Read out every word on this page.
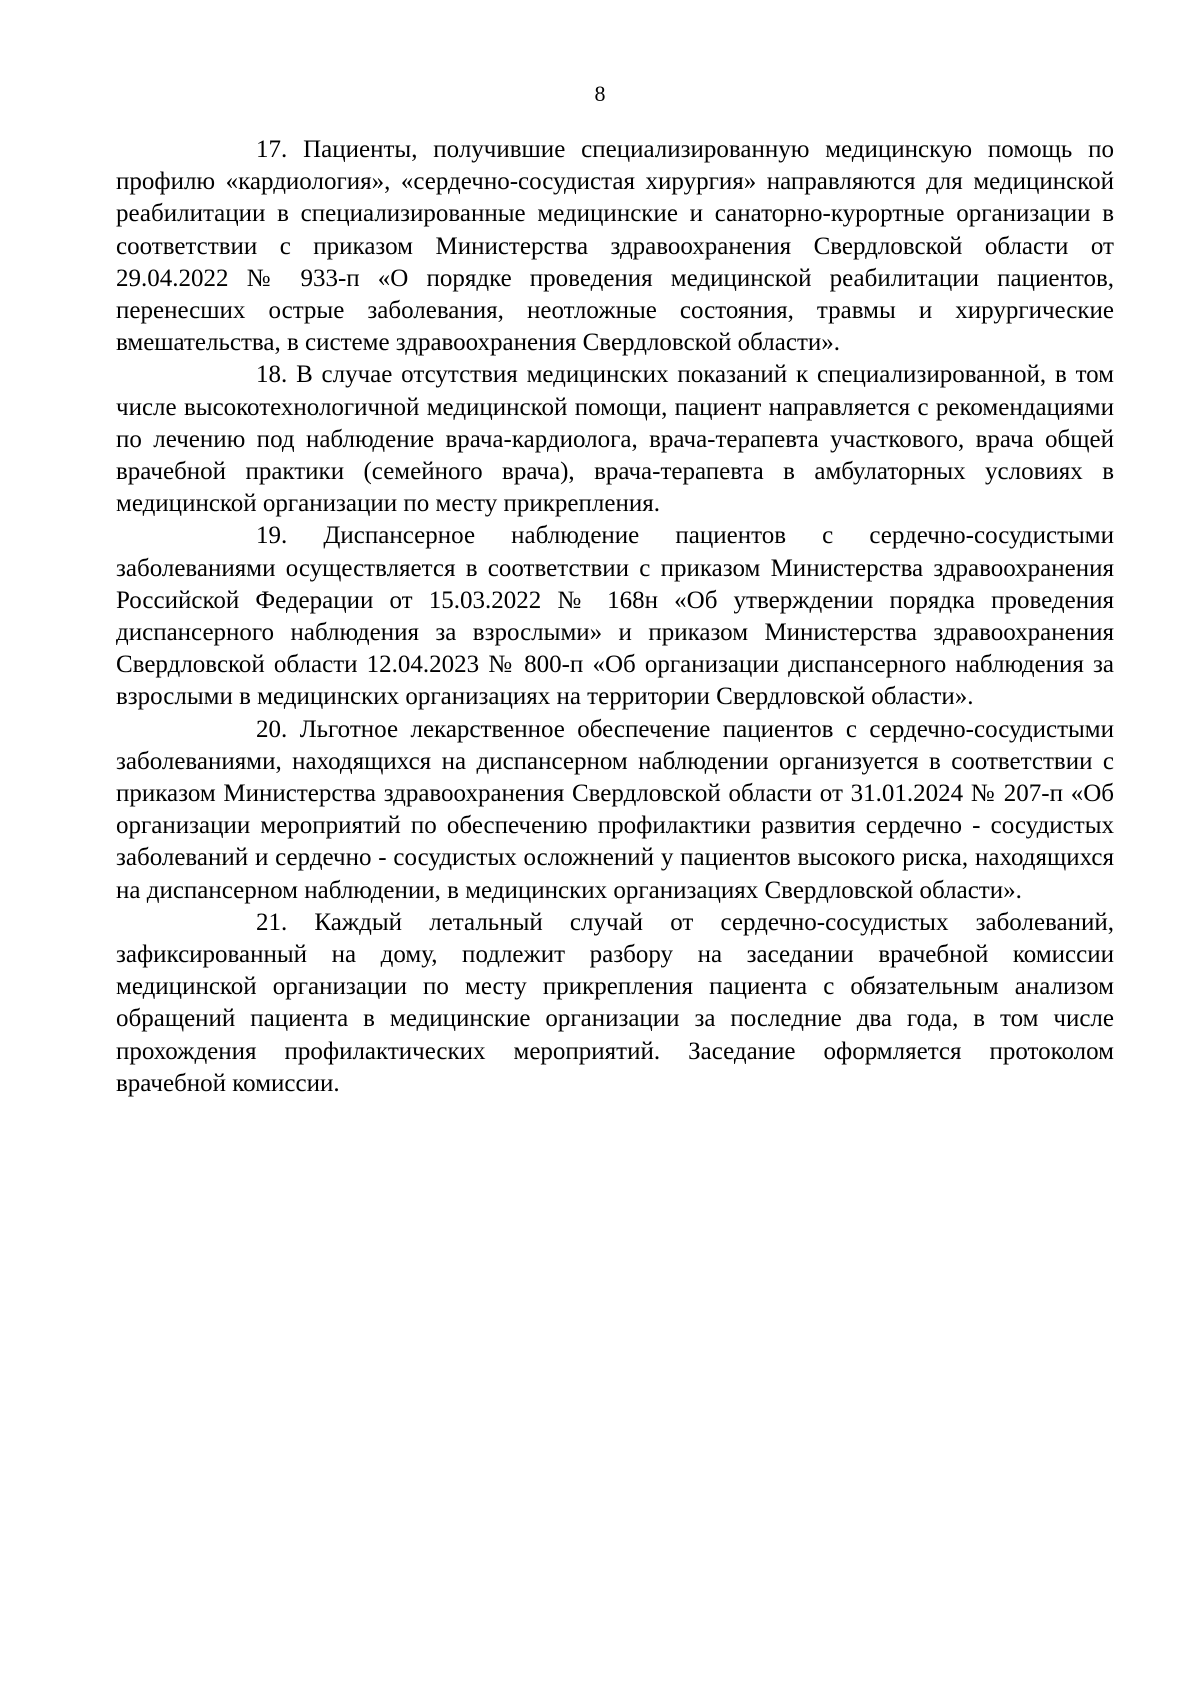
8

17. Пациенты, получившие специализированную медицинскую помощь по профилю «кардиология», «сердечно-сосудистая хирургия» направляются для медицинской реабилитации в специализированные медицинские и санаторно-курортные организации в соответствии с приказом Министерства здравоохранения Свердловской области от 29.04.2022 № 933-п «О порядке проведения медицинской реабилитации пациентов, перенесших острые заболевания, неотложные состояния, травмы и хирургические вмешательства, в системе здравоохранения Свердловской области».

18. В случае отсутствия медицинских показаний к специализированной, в том числе высокотехнологичной медицинской помощи, пациент направляется с рекомендациями по лечению под наблюдение врача-кардиолога, врача-терапевта участкового, врача общей врачебной практики (семейного врача), врача-терапевта в амбулаторных условиях в медицинской организации по месту прикрепления.

19. Диспансерное наблюдение пациентов с сердечно-сосудистыми заболеваниями осуществляется в соответствии с приказом Министерства здравоохранения Российской Федерации от 15.03.2022 № 168н «Об утверждении порядка проведения диспансерного наблюдения за взрослыми» и приказом Министерства здравоохранения Свердловской области 12.04.2023 № 800-п «Об организации диспансерного наблюдения за взрослыми в медицинских организациях на территории Свердловской области».

20. Льготное лекарственное обеспечение пациентов с сердечно-сосудистыми заболеваниями, находящихся на диспансерном наблюдении организуется в соответствии с приказом Министерства здравоохранения Свердловской области от 31.01.2024 № 207-п «Об организации мероприятий по обеспечению профилактики развития сердечно - сосудистых заболеваний и сердечно - сосудистых осложнений у пациентов высокого риска, находящихся на диспансерном наблюдении, в медицинских организациях Свердловской области».

21. Каждый летальный случай от сердечно-сосудистых заболеваний, зафиксированный на дому, подлежит разбору на заседании врачебной комиссии медицинской организации по месту прикрепления пациента с обязательным анализом обращений пациента в медицинские организации за последние два года, в том числе прохождения профилактических мероприятий. Заседание оформляется протоколом врачебной комиссии.
